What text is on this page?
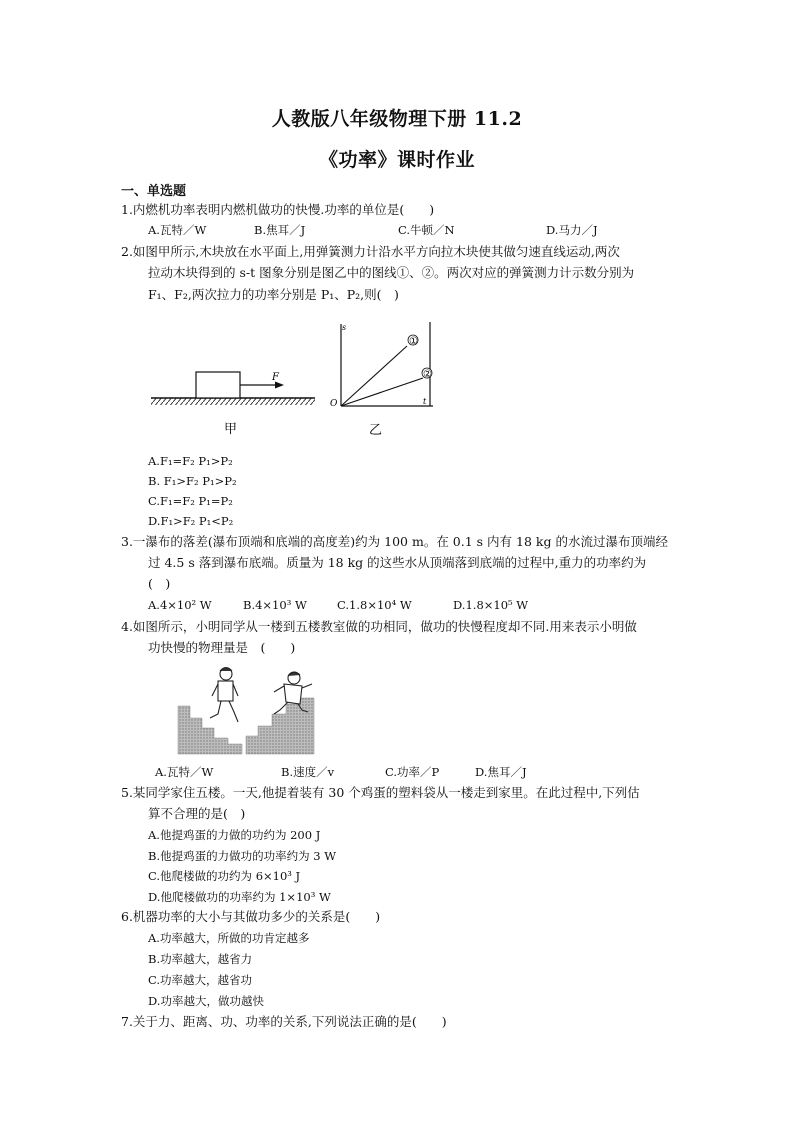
人教版八年级物理下册 11.2
《功率》课时作业
一、单选题
1.内燃机功率表明内燃机做功的快慢.功率的单位是(　　)
A.瓦特／W	B.焦耳／J	C.牛顿／N	D.马力／J
2.如图甲所示,木块放在水平面上,用弹簧测力计沿水平方向拉木块使其做匀速直线运动,两次
拉动木块得到的 s-t 图象分别是图乙中的图线①、②。两次对应的弹簧测力计示数分别为
F₁、F₂,两次拉力的功率分别是 P₁、P₂,则(　)
F
甲
s
t
O
①
②
乙
A.F₁=F₂ P₁>P₂
B. F₁>F₂ P₁>P₂
C.F₁=F₂ P₁=P₂
D.F₁>F₂ P₁<P₂
3.一瀑布的落差(瀑布顶端和底端的高度差)约为 100 m。在 0.1 s 内有 18 kg 的水流过瀑布顶端经
过 4.5 s 落到瀑布底端。质量为 18 kg 的这些水从顶端落到底端的过程中,重力的功率约为
(　)
A.4×10² W	B.4×10³ W	C.1.8×10⁴ W	D.1.8×10⁵ W
4.如图所示，小明同学从一楼到五楼教室做的功相同，做功的快慢程度却不同.用来表示小明做
功快慢的物理量是　(　　)
A.瓦特／W	B.速度／v	C.功率／P	D.焦耳／J
5.某同学家住五楼。一天,他提着装有 30 个鸡蛋的塑料袋从一楼走到家里。在此过程中,下列估
算不合理的是(　)
A.他提鸡蛋的力做的功约为 200 J
B.他提鸡蛋的力做功的功率约为 3 W
C.他爬楼做的功约为 6×10³ J
D.他爬楼做功的功率约为 1×10³ W
6.机器功率的大小与其做功多少的关系是(　　)
A.功率越大，所做的功肯定越多
B.功率越大，越省力
C.功率越大，越省功
D.功率越大，做功越快
7.关于力、距离、功、功率的关系,下列说法正确的是(　　)
